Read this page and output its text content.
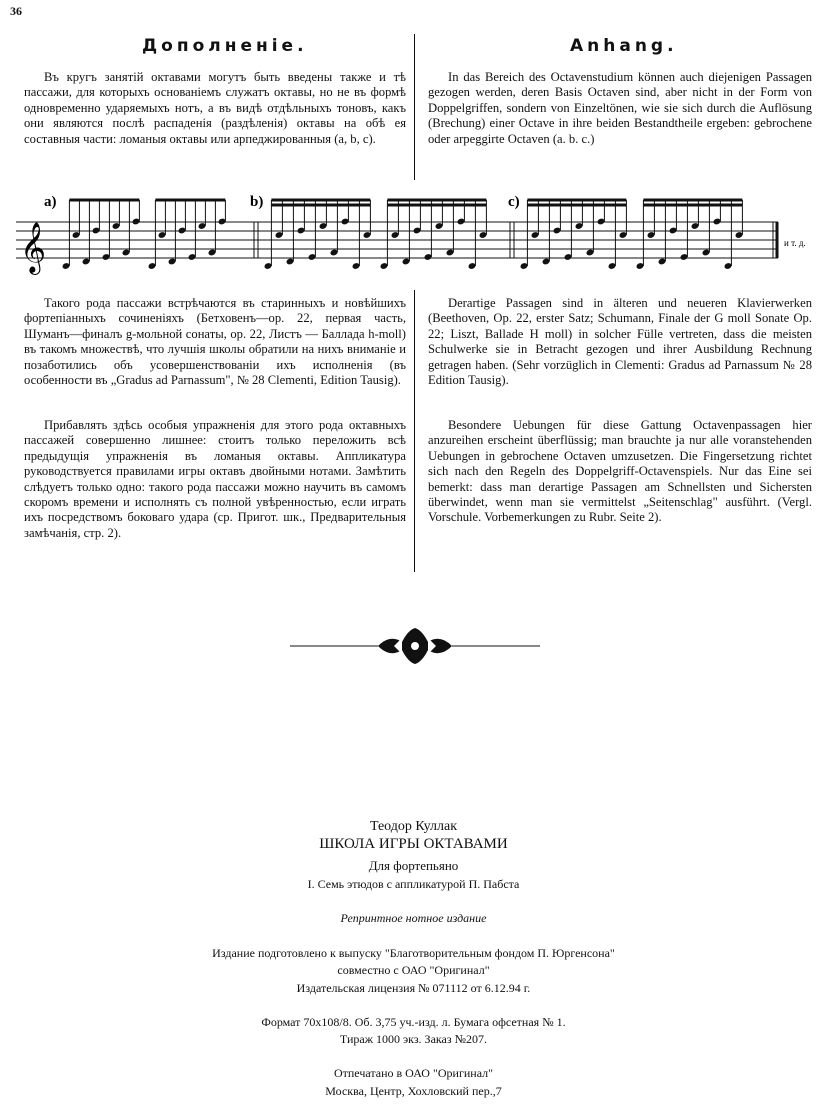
36
Дополненіе.	Anhang.
Въ кругъ занятій октавами могутъ быть введены также и тѣ пассажи, для которыхъ основаніемъ служатъ октавы, но не въ формѣ одновременно ударяемыхъ нотъ, а въ видѣ отдѣльныхъ тоновъ, какъ они являются послѣ распаденія (раздѣленія) октавы на обѣ ея составныя части: ломаныя октавы или арпеджированныя (a, b, c).
In das Bereich des Octavenstudium können auch diejenigen Passagen gezogen werden, deren Basis Octaven sind, aber nicht in der Form von Doppelgriffen, sondern von Einzeltönen, wie sie sich durch die Auflösung (Brechung) einer Octave in ihre beiden Bestandtheile ergeben: gebrochene oder arpeggirte Octaven (a. b. c.)
a)	b)	c)
𝄞	и т. д.
Такого рода пассажи встрѣчаются въ старинныхъ и новѣйшихъ фортепіанныхъ сочиненіяхъ (Бетховенъ—ор. 22, первая часть, Шуманъ—финалъ g-мольной сонаты, ор. 22, Листъ — Баллада h-moll) въ такомъ множествѣ, что лучшія школы обратили на нихъ вниманіе и позаботились объ усовершенствованіи ихъ исполненія (въ особенности въ „Gradus ad Parnassum", № 28 Clementi, Edition Tausig).
Прибавлять здѣсь особыя упражненія для этого рода октавныхъ пассажей совершенно лишнее: стоитъ только переложить всѣ предыдущія упражненія въ ломаныя октавы. Аппликатура руководствуется правилами игры октавъ двойными нотами. Замѣтить слѣдуетъ только одно: такого рода пассажи можно научить въ самомъ скоромъ времени и исполнять съ полной увѣренностью, если играть ихъ посредствомъ боковаго удара (ср. Пригот. шк., Предварительныя замѣчанія, стр. 2).
Derartige Passagen sind in älteren und neueren Klavierwerken (Beethoven, Op. 22, erster Satz; Schumann, Finale der G moll Sonate Op. 22; Liszt, Ballade H moll) in solcher Fülle vertreten, dass die meisten Schulwerke sie in Betracht gezogen und ihrer Ausbildung Rechnung getragen haben. (Sehr vorzüglich in Clementi: Gradus ad Parnassum № 28 Edition Tausig).
Besondere Uebungen für diese Gattung Octavenpassagen hier anzureihen erscheint überflüssig; man brauchte ja nur alle voranstehenden Uebungen in gebrochene Octaven umzusetzen. Die Fingersetzung richtet sich nach den Regeln des Doppelgriff-Octavenspiels. Nur das Eine sei bemerkt: dass man derartige Passagen am Schnellsten und Sichersten überwindet, wenn man sie vermittelst „Seitenschlag" ausführt. (Vergl. Vorschule. Vorbemerkungen zu Rubr. Seite 2).
Теодор Куллак
ШКОЛА ИГРЫ ОКТАВАМИ
Для фортепьяно
I. Семь этюдов с аппликатурой П. Пабста
Репринтное нотное издание
Издание подготовлено к выпуску "Благотворительным фондом П. Юргенсона"
совместно с ОАО "Оригинал"
Издательская лицензия № 071112 от 6.12.94 г.
Формат 70х108/8. Об. 3,75 уч.-изд. л. Бумага офсетная № 1.
Тираж 1000 экз. Заказ №207.
Отпечатано в ОАО "Оригинал"
Москва, Центр, Хохловский пер.,7
